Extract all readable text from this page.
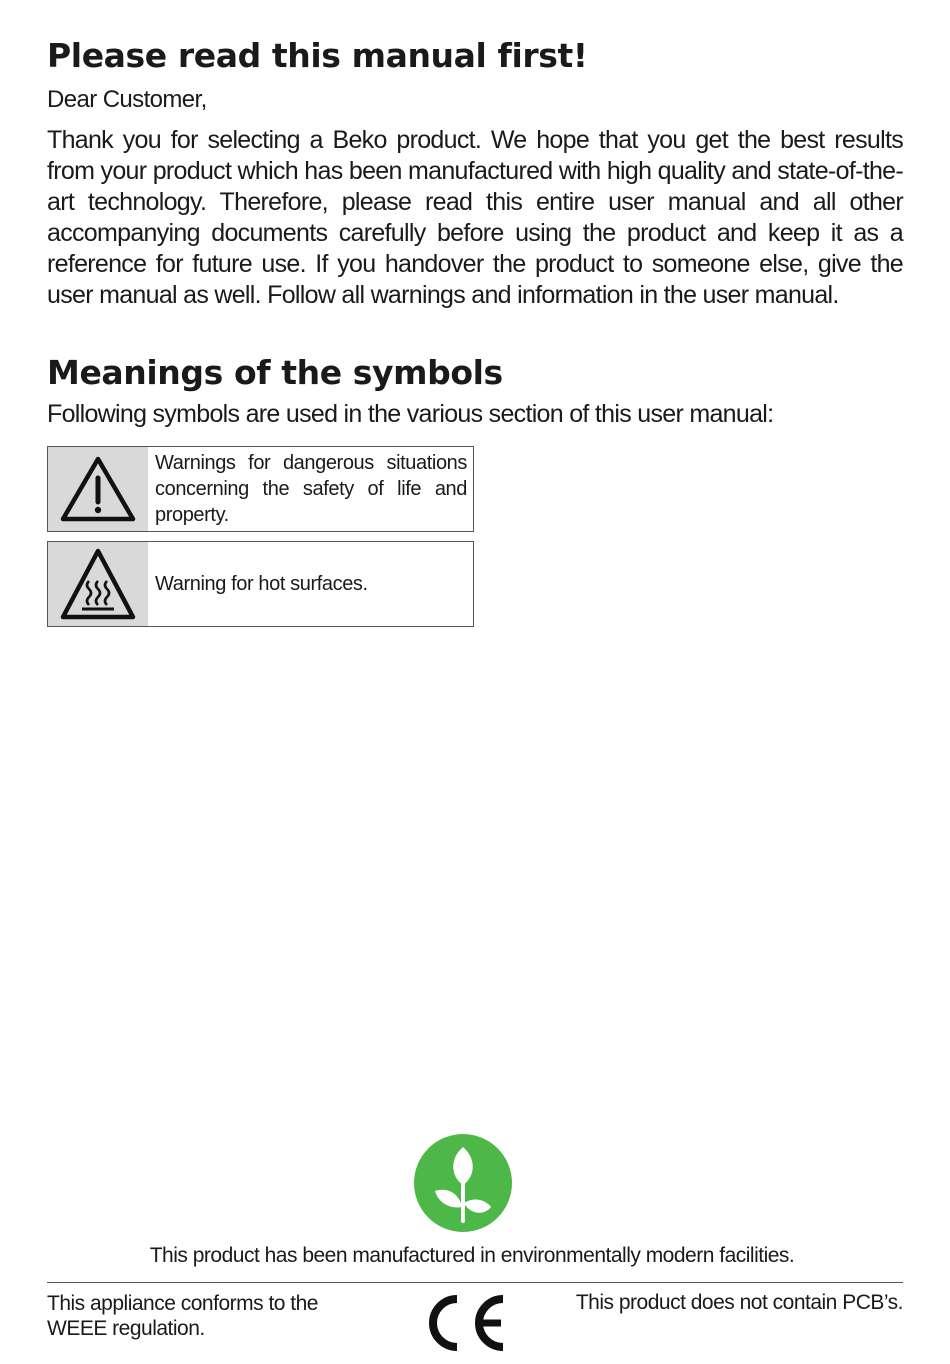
Please read this manual first!

Dear Customer,

Thank you for selecting a Beko product. We hope that you get the best results from your product which has been manufactured with high quality and state-of-the-art technology. Therefore, please read this entire user manual and all other accompanying documents carefully before using the product and keep it as a reference for future use. If you handover the product to someone else, give the user manual as well. Follow all warnings and information in the user manual.

Meanings of the symbols

Following symbols are used in the various section of this user manual:

Warnings for dangerous situations concerning the safety of life and property.
Warning for hot surfaces.

This product has been manufactured in environmentally modern facilities.

This appliance conforms to the WEEE regulation.

This product does not contain PCB’s.
